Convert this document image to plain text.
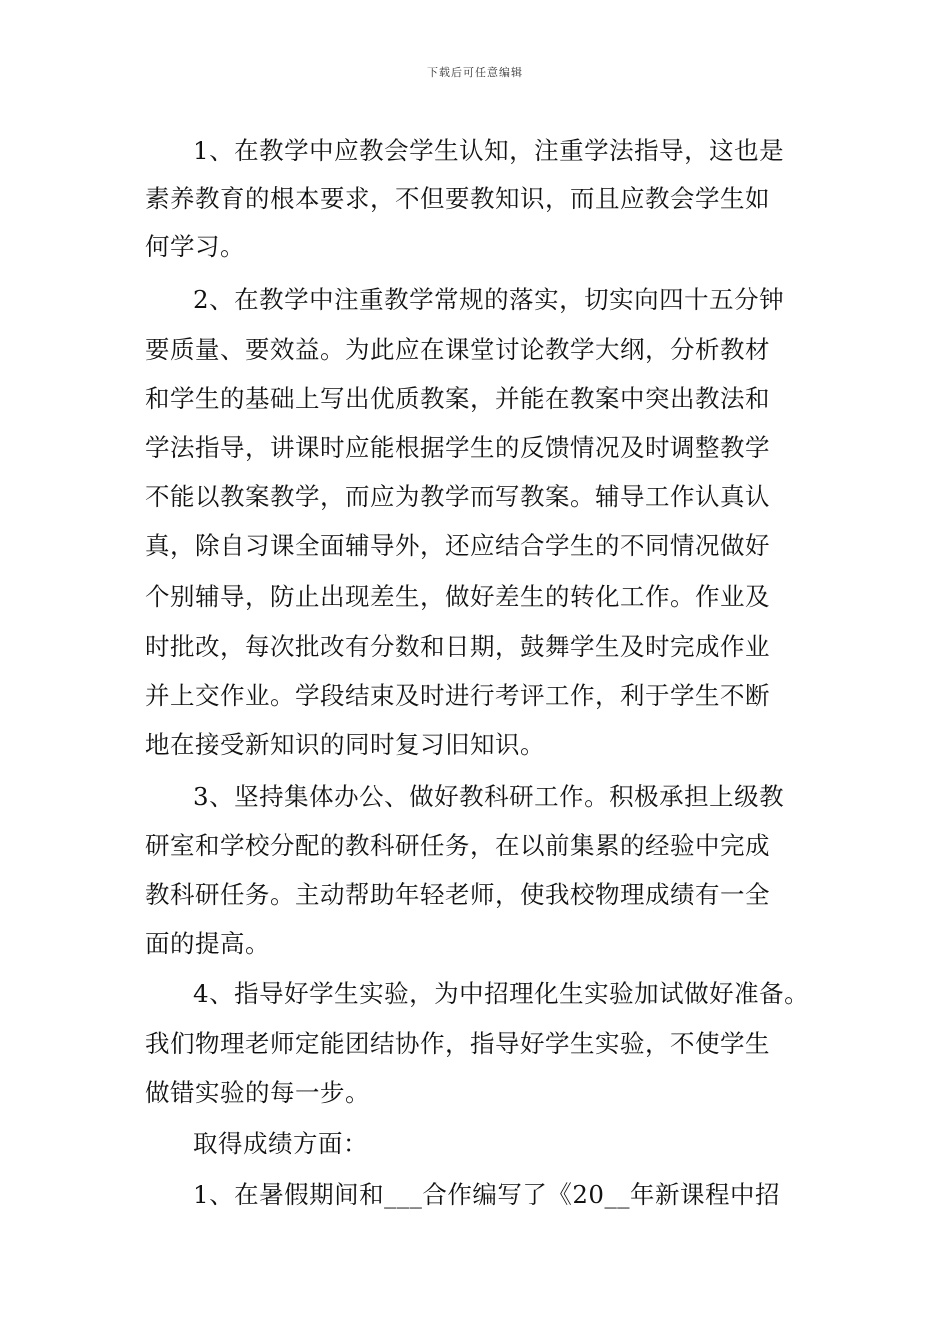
下载后可任意编辑
1、在教学中应教会学生认知，注重学法指导，这也是
素养教育的根本要求，不但要教知识，而且应教会学生如
何学习。
2、在教学中注重教学常规的落实，切实向四十五分钟
要质量、要效益。为此应在课堂讨论教学大纲，分析教材
和学生的基础上写出优质教案，并能在教案中突出教法和
学法指导，讲课时应能根据学生的反馈情况及时调整教学
不能以教案教学，而应为教学而写教案。辅导工作认真认
真，除自习课全面辅导外，还应结合学生的不同情况做好
个别辅导，防止出现差生，做好差生的转化工作。作业及
时批改，每次批改有分数和日期，鼓舞学生及时完成作业
并上交作业。学段结束及时进行考评工作，利于学生不断
地在接受新知识的同时复习旧知识。
3、坚持集体办公、做好教科研工作。积极承担上级教
研室和学校分配的教科研任务，在以前集累的经验中完成
教科研任务。主动帮助年轻老师，使我校物理成绩有一全
面的提高。
4、指导好学生实验，为中招理化生实验加试做好准备。
我们物理老师定能团结协作，指导好学生实验，不使学生
做错实验的每一步。
取得成绩方面：
1、在暑假期间和___合作编写了《20__年新课程中招
